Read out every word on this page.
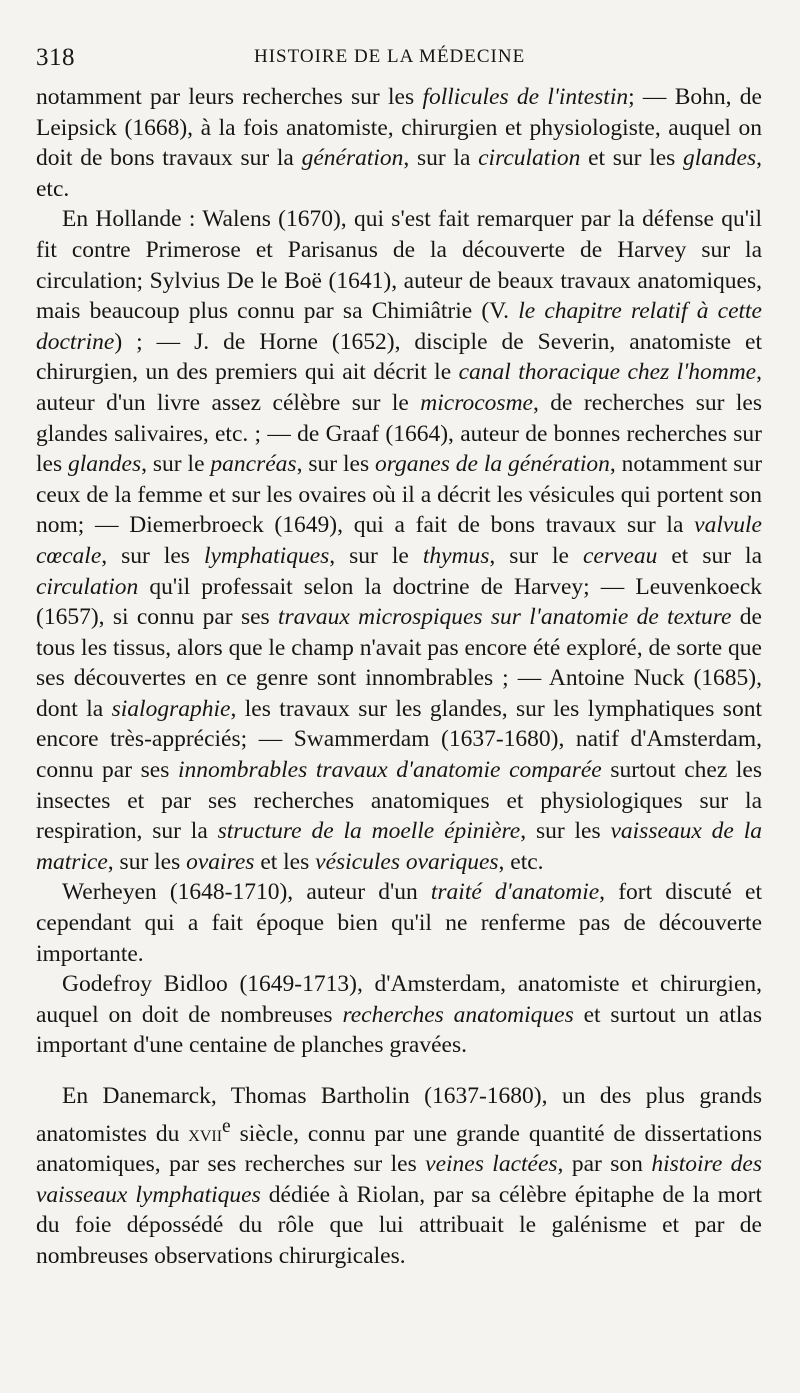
318	HISTOIRE DE LA MÉDECINE

notamment par leurs recherches sur les follicules de l'intestin; — Bohn, de Leipsick (1668), à la fois anatomiste, chirurgien et physiologiste, auquel on doit de bons travaux sur la génération, sur la circulation et sur les glandes, etc.

En Hollande : Walens (1670), qui s'est fait remarquer par la défense qu'il fit contre Primerose et Parisanus de la découverte de Harvey sur la circulation; Sylvius De le Boë (1641), auteur de beaux travaux anatomiques, mais beaucoup plus connu par sa Chimiâtrie (V. le chapitre relatif à cette doctrine) ; — J. de Horne (1652), disciple de Severin, anatomiste et chirurgien, un des premiers qui ait décrit le canal thoracique chez l'homme, auteur d'un livre assez célèbre sur le microcosme, de recherches sur les glandes salivaires, etc. ; — de Graaf (1664), auteur de bonnes recherches sur les glandes, sur le pancréas, sur les organes de la génération, notamment sur ceux de la femme et sur les ovaires où il a décrit les vésicules qui portent son nom; — Diemerbroeck (1649), qui a fait de bons travaux sur la valvule cœcale, sur les lymphatiques, sur le thymus, sur le cerveau et sur la circulation qu'il professait selon la doctrine de Harvey; — Leuvenkoeck (1657), si connu par ses travaux microspiques sur l'anatomie de texture de tous les tissus, alors que le champ n'avait pas encore été exploré, de sorte que ses découvertes en ce genre sont innombrables ; — Antoine Nuck (1685), dont la sialographie, les travaux sur les glandes, sur les lymphatiques sont encore très-appréciés; — Swammerdam (1637-1680), natif d'Amsterdam, connu par ses innombrables travaux d'anatomie comparée surtout chez les insectes et par ses recherches anatomiques et physiologiques sur la respiration, sur la structure de la moelle épinière, sur les vaisseaux de la matrice, sur les ovaires et les vésicules ovariques, etc.

Werheyen (1648-1710), auteur d'un traité d'anatomie, fort discuté et cependant qui a fait époque bien qu'il ne renferme pas de découverte importante.

Godefroy Bidloo (1649-1713), d'Amsterdam, anatomiste et chirurgien, auquel on doit de nombreuses recherches anatomiques et surtout un atlas important d'une centaine de planches gravées.

En Danemarck, Thomas Bartholin (1637-1680), un des plus grands anatomistes du xvii$^e$ siècle, connu par une grande quantité de dissertations anatomiques, par ses recherches sur les veines lactées, par son histoire des vaisseaux lymphatiques dédiée à Riolan, par sa célèbre épitaphe de la mort du foie dépossédé du rôle que lui attribuait le galénisme et par de nombreuses observations chirurgicales.
